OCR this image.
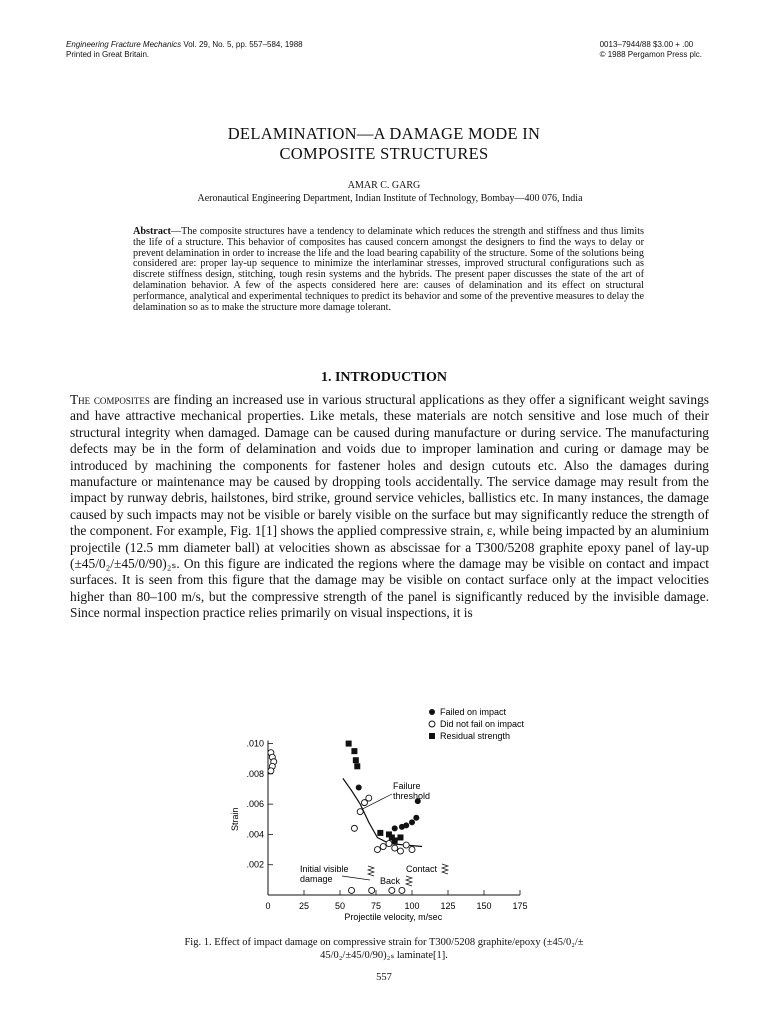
Engineering Fracture Mechanics Vol. 29, No. 5, pp. 557–584, 1988
Printed in Great Britain.
0013–7944/88 $3.00 + .00
© 1988 Pergamon Press plc.
DELAMINATION—A DAMAGE MODE IN
COMPOSITE STRUCTURES
AMAR C. GARG
Aeronautical Engineering Department, Indian Institute of Technology, Bombay—400 076, India
Abstract—The composite structures have a tendency to delaminate which reduces the strength and stiffness and thus limits the life of a structure. This behavior of composites has caused concern amongst the designers to find the ways to delay or prevent delamination in order to increase the life and the load bearing capability of the structure. Some of the solutions being considered are: proper lay-up sequence to minimize the interlaminar stresses, improved structural configurations such as discrete stiffness design, stitching, tough resin systems and the hybrids. The present paper discusses the state of the art of delamination behavior. A few of the aspects considered here are: causes of delamination and its effect on structural performance, analytical and experimental techniques to predict its behavior and some of the preventive measures to delay the delamination so as to make the structure more damage tolerant.
1. INTRODUCTION
The composites are finding an increased use in various structural applications as they offer a significant weight savings and have attractive mechanical properties. Like metals, these materials are notch sensitive and lose much of their structural integrity when damaged. Damage can be caused during manufacture or during service. The manufacturing defects may be in the form of delamination and voids due to improper lamination and curing or damage may be introduced by machining the components for fastener holes and design cutouts etc. Also the damages during manufacture or maintenance may be caused by dropping tools accidentally. The service damage may result from the impact by runway debris, hailstones, bird strike, ground service vehicles, ballistics etc. In many instances, the damage caused by such impacts may not be visible or barely visible on the surface but may significantly reduce the strength of the component. For example, Fig. 1[1] shows the applied compressive strain, ε, while being impacted by an aluminium projectile (12.5 mm diameter ball) at velocities shown as abscissae for a T300/5208 graphite epoxy panel of lay-up (±45/0₂/±45/0/90)₂ₛ. On this figure are indicated the regions where the damage may be visible on contact and impact surfaces. It is seen from this figure that the damage may be visible on contact surface only at the impact velocities higher than 80–100 m/s, but the compressive strength of the panel is significantly reduced by the invisible damage. Since normal inspection practice relies primarily on visual inspections, it is
0	25	50	75	100 125 150 175
.002
.004
.006
.008
.010
Projectile velocity, m/sec
Strain
Failed on impact
Did not fail on impact
Residual strength
Failure
threshold
Initial visible
damage
Contact
Back
Fig. 1. Effect of impact damage on compressive strain for T300/5208 graphite/epoxy (±45/0₂/±
45/0₂/±45/0/90)₂ₛ laminate[1].
557
